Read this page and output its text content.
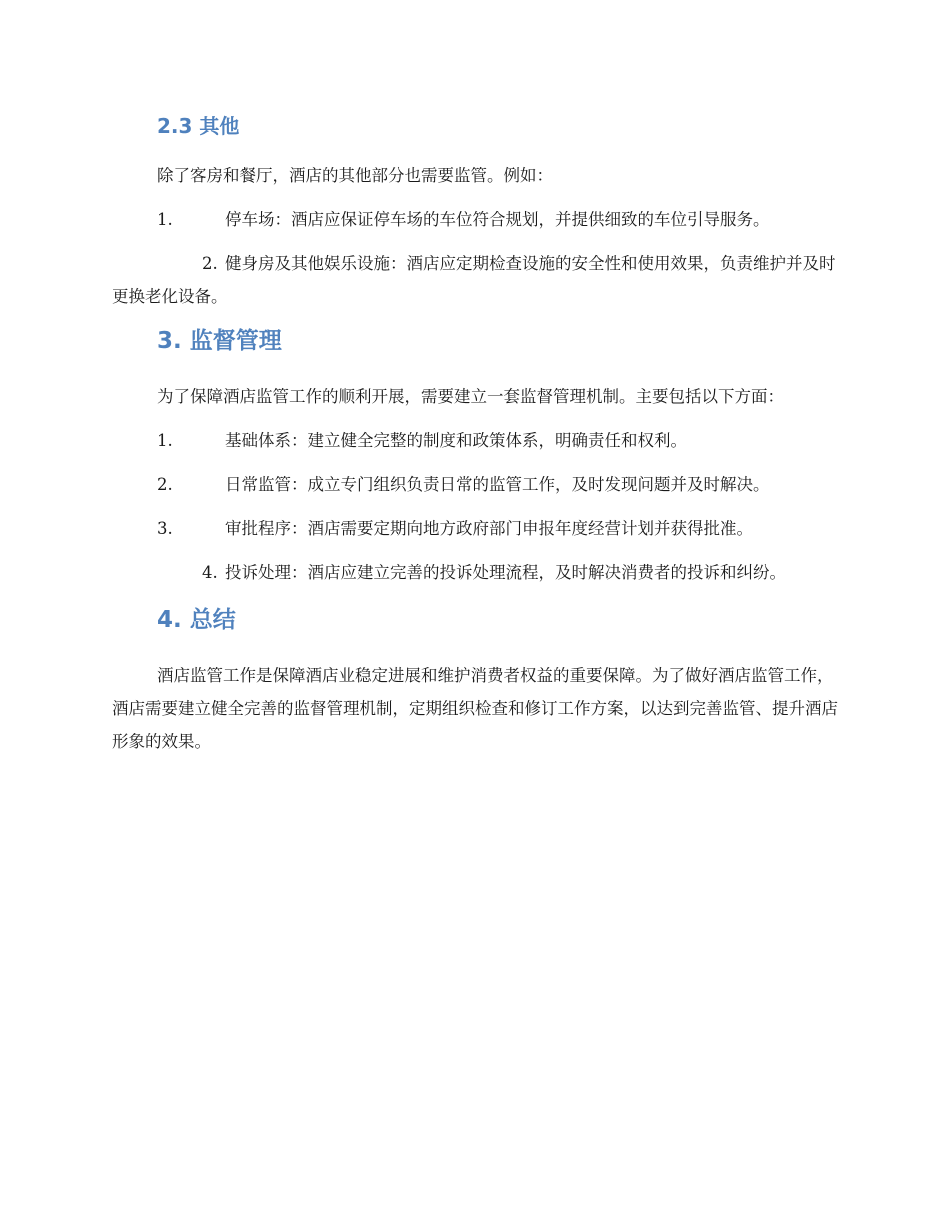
2.3 其他

除了客房和餐厅，酒店的其他部分也需要监管。例如：

1.	停车场：酒店应保证停车场的车位符合规划，并提供细致的车位引导服务。
2. 健身房及其他娱乐设施：酒店应定期检查设施的安全性和使用效果，负责维护并及时更换老化设备。
3. 监督管理

为了保障酒店监管工作的顺利开展，需要建立一套监督管理机制。主要包括以下方面：

1.	基础体系：建立健全完整的制度和政策体系，明确责任和权利。
2.	日常监管：成立专门组织负责日常的监管工作，及时发现问题并及时解决。
3.	审批程序：酒店需要定期向地方政府部门申报年度经营计划并获得批准。
4. 投诉处理：酒店应建立完善的投诉处理流程，及时解决消费者的投诉和纠纷。
4. 总结

酒店监管工作是保障酒店业稳定进展和维护消费者权益的重要保障。为了做好酒店监管工作，酒店需要建立健全完善的监督管理机制，定期组织检查和修订工作方案，以达到完善监管、提升酒店形象的效果。
